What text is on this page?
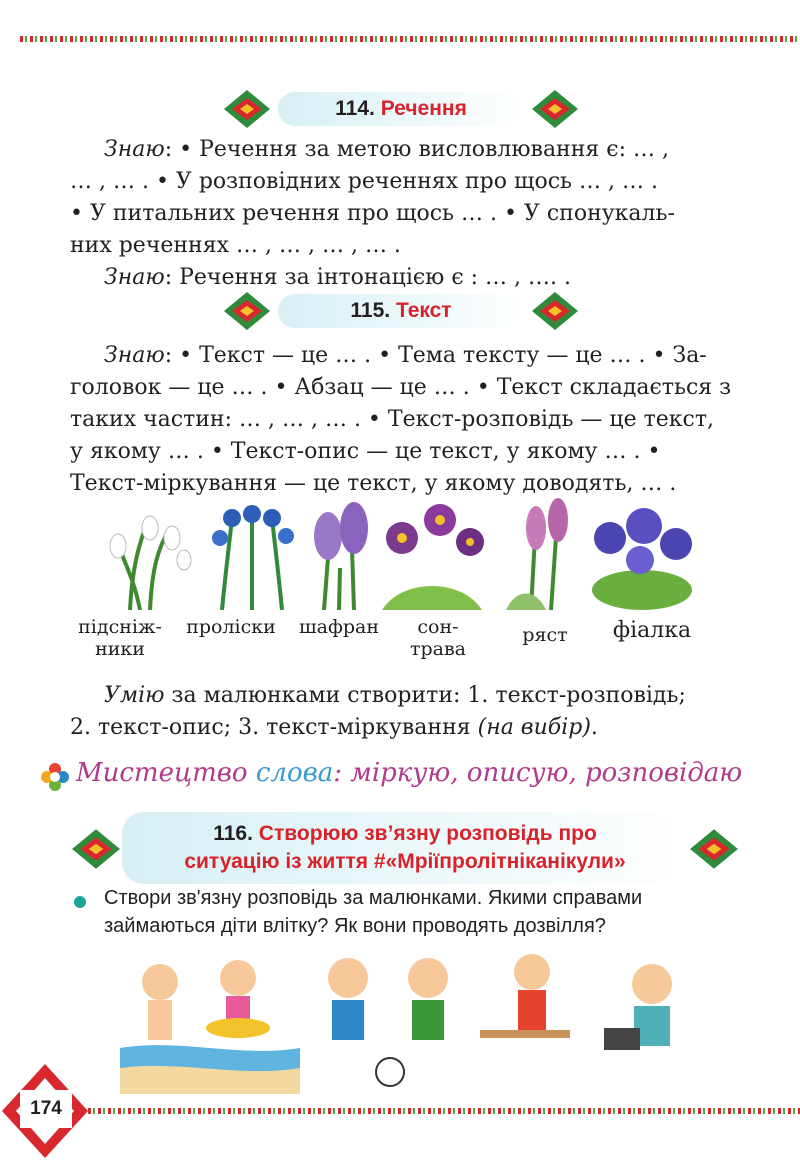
114. Речення

Знаю: • Речення за метою висловлювання є: … ,
… , … . • У розповідних реченнях про щось … , … .
• У питальних речення про щось … . • У спонукаль-
них реченнях … , … , … , … .
Знаю: Речення за інтонацією є : … , …. .

115. Текст

Знаю: • Текст — це … . • Тема тексту — це … . • За-
головок — це … . • Абзац — це … . • Текст складається з
таких частин: … , … , … . • Текст-розповідь — це текст,
у якому … . • Текст-опис — це текст, у якому … . •
Текст-міркування — це текст, у якому доводять, … .

підсніж-
ники
проліски	шафран	сон-
трава
ряст	фіалка

Умію за малюнками створити: 1. текст-розповідь;
2. текст-опис; 3. текст-міркування (на вибір).

Мистецтво слова: міркую, описую, розповідаю
116. Створюю зв’язну розповідь про
ситуацію із життя #«Мріїпролітніканікули»

Створи зв'язну розповідь за малюнками. Якими справами займаються діти влітку? Як вони проводять дозвілля?

174
